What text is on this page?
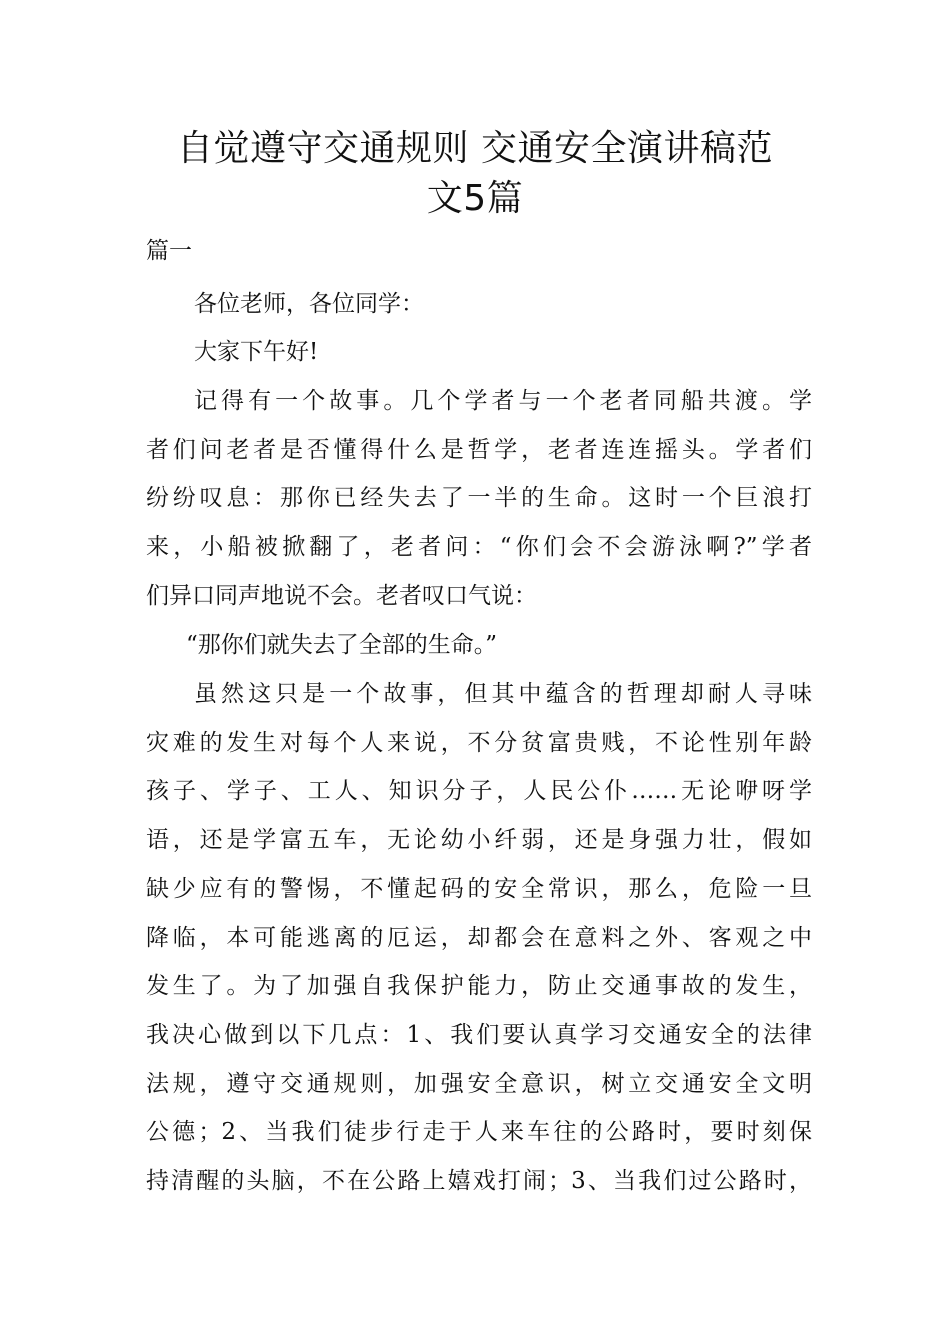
自觉遵守交通规则 交通安全演讲稿范
文5篇
篇一
各位老师，各位同学：
大家下午好!
记得有一个故事。几个学者与一个老者同船共渡。学
者们问老者是否懂得什么是哲学，老者连连摇头。学者们
纷纷叹息：那你已经失去了一半的生命。这时一个巨浪打
来，小船被掀翻了，老者问：“你们会不会游泳啊?”学者
们异口同声地说不会。老者叹口气说：
“那你们就失去了全部的生命。”
虽然这只是一个故事，但其中蕴含的哲理却耐人寻味
灾难的发生对每个人来说，不分贫富贵贱，不论性别年龄
孩子、学子、工人、知识分子，人民公仆……无论咿呀学
语，还是学富五车，无论幼小纤弱，还是身强力壮，假如
缺少应有的警惕，不懂起码的安全常识，那么，危险一旦
降临，本可能逃离的厄运，却都会在意料之外、客观之中
发生了。为了加强自我保护能力，防止交通事故的发生，
我决心做到以下几点：1、我们要认真学习交通安全的法律
法规，遵守交通规则，加强安全意识，树立交通安全文明
公德；2、当我们徒步行走于人来车往的公路时，要时刻保
持清醒的头脑，不在公路上嬉戏打闹；3、当我们过公路时，
